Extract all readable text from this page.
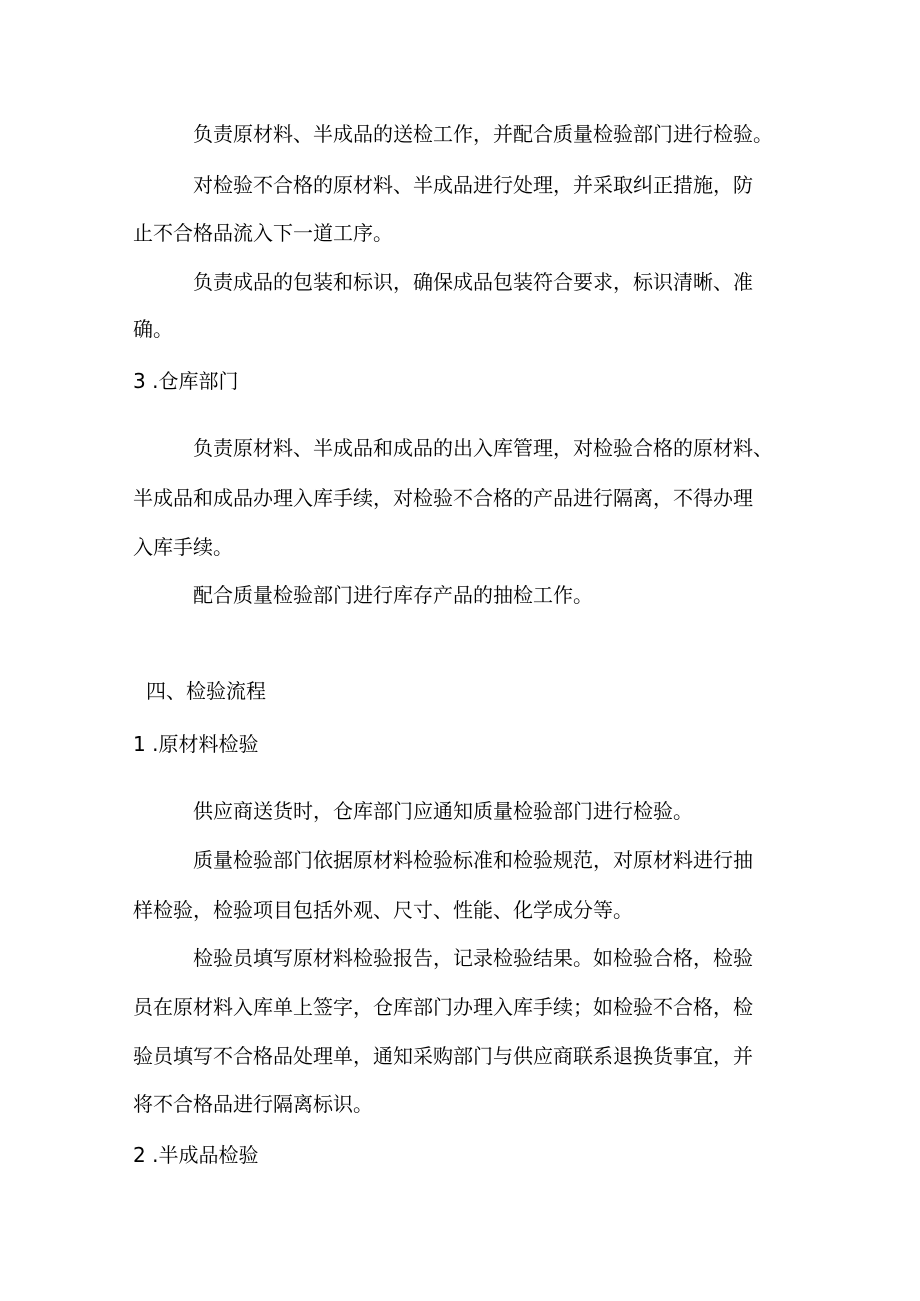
负责原材料、半成品的送检工作，并配合质量检验部门进行检验。
对检验不合格的原材料、半成品进行处理，并采取纠正措施，防
止不合格品流入下一道工序。
负责成品的包装和标识，确保成品包装符合要求，标识清晰、准
确。
3 .仓库部门
负责原材料、半成品和成品的出入库管理，对检验合格的原材料、
半成品和成品办理入库手续，对检验不合格的产品进行隔离，不得办理
入库手续。
配合质量检验部门进行库存产品的抽检工作。
四、检验流程
1 .原材料检验
供应商送货时，仓库部门应通知质量检验部门进行检验。
质量检验部门依据原材料检验标准和检验规范，对原材料进行抽
样检验，检验项目包括外观、尺寸、性能、化学成分等。
检验员填写原材料检验报告，记录检验结果。如检验合格，检验
员在原材料入库单上签字，仓库部门办理入库手续；如检验不合格，检
验员填写不合格品处理单，通知采购部门与供应商联系退换货事宜，并
将不合格品进行隔离标识。
2 .半成品检验
